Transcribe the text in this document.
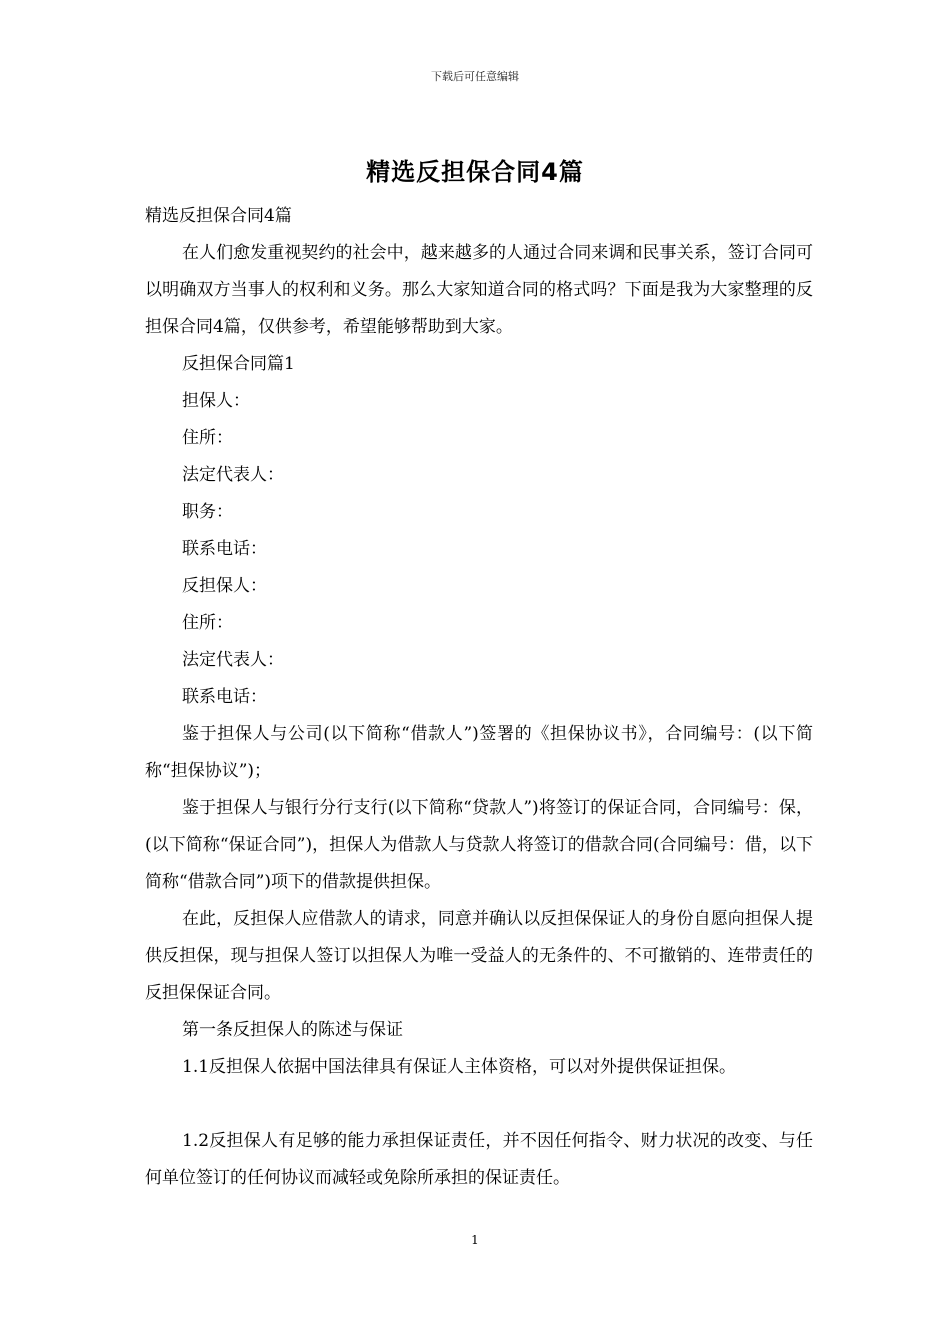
下载后可任意编辑
精选反担保合同4篇

精选反担保合同4篇

在人们愈发重视契约的社会中，越来越多的人通过合同来调和民事关系，签订合同可以明确双方当事人的权利和义务。那么大家知道合同的格式吗？下面是我为大家整理的反担保合同4篇，仅供参考，希望能够帮助到大家。

反担保合同篇1

担保人：

住所：

法定代表人：

职务：

联系电话：

反担保人：

住所：

法定代表人：

联系电话：

鉴于担保人与公司(以下简称“借款人”)签署的《担保协议书》，合同编号：(以下简称“担保协议”)；

鉴于担保人与银行分行支行(以下简称“贷款人”)将签订的保证合同，合同编号：保，(以下简称“保证合同”)，担保人为借款人与贷款人将签订的借款合同(合同编号：借，以下简称“借款合同”)项下的借款提供担保。

在此，反担保人应借款人的请求，同意并确认以反担保保证人的身份自愿向担保人提供反担保，现与担保人签订以担保人为唯一受益人的无条件的、不可撤销的、连带责任的反担保保证合同。

第一条反担保人的陈述与保证

1.1反担保人依据中国法律具有保证人主体资格，可以对外提供保证担保。

1.2反担保人有足够的能力承担保证责任，并不因任何指令、财力状况的改变、与任何单位签订的任何协议而减轻或免除所承担的保证责任。

1
